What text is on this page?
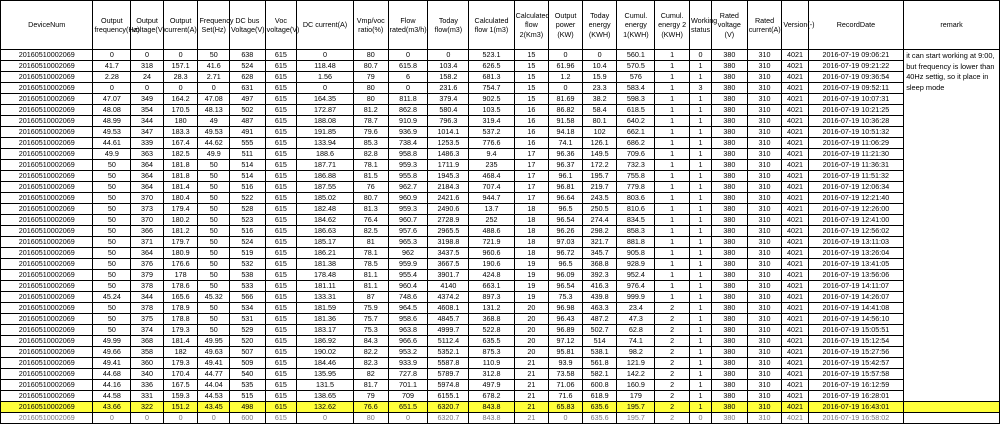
DeviceNum	Output frequency(Hz)	Output voltage(V)	Output current(A)	Frequency Set(Hz)	DC bus Voltage(V)	Voc voltage(V)	DC current(A)	Vmp/voc ratio(%)	Flow rated(m3/h)	Today flow(m3)	Calculated flow 1(m3)	Calculated flow 2(Km3)	Output power (KW)	Today energy (KWH)	Cumul. energy 1(KWH)	Cumul. energy 2 (KWH)	Working status	Rated voltage (V)	Rated current(A)	Version(-)	RecordDate	remark
20160510002069	0	0	0	50	638	615	0	80	0	0	523.1	15	0	0	560.1	1	0	380	310	4021	2016-07-19 09:06:21	it can start working at 9:00, but frequency is lower than 40Hz settig, so it place in sleep mode
20160510002069	41.7	318	157.1	41.6	524	615	118.48	80.7	615.8	103.4	626.5	15	61.96	10.4	570.5	1	1	380	310	4021	2016-07-19 09:21:22	
20160510002069	2.28	24	28.3	2.71	628	615	1.56	79	6	158.2	681.3	15	1.2	15.9	576	1	1	380	310	4021	2016-07-19 09:36:54	
20160510002069	0	0	0	0	631	615	0	80	0	231.6	754.7	15	0	23.3	583.4	1	3	380	310	4021	2016-07-19 09:52:11	
20160510002069	47.07	349	164.2	47.08	497	615	164.35	80	811.8	379.4	902.5	15	81.69	38.2	598.3	1	1	380	310	4021	2016-07-19 10:07:31	
20160510002069	48.08	354	170.5	48.13	502	615	172.87	81.2	862.8	580.4	103.5	16	86.82	58.4	618.5	1	1	380	310	4021	2016-07-19 10:21:25	
20160510002069	48.99	344	180	49	487	615	188.08	78.7	910.9	796.3	319.4	16	91.58	80.1	640.2	1	1	380	310	4021	2016-07-19 10:36:28	
20160510002069	49.53	347	183.3	49.53	491	615	191.85	79.6	936.9	1014.1	537.2	16	94.18	102	662.1	1	1	380	310	4021	2016-07-19 10:51:32	
20160510002069	44.61	339	167.4	44.62	555	615	133.94	85.3	738.4	1253.5	776.6	16	74.1	126.1	686.2	1	1	380	310	4021	2016-07-19 11:06:29	
20160510002069	49.9	363	182.5	49.9	511	615	188.6	82.8	958.8	1486.3	9.4	17	96.36	149.5	709.6	1	1	380	310	4021	2016-07-19 11:21:30	
20160510002069	50	364	181.8	50	514	615	187.71	78.1	959.3	1711.9	235	17	96.37	172.2	732.3	1	1	380	310	4021	2016-07-19 11:36:31	
20160510002069	50	364	181.8	50	514	615	186.88	81.5	955.8	1945.3	468.4	17	96.1	195.7	755.8	1	1	380	310	4021	2016-07-19 11:51:32	
20160510002069	50	364	181.4	50	516	615	187.55	76	962.7	2184.3	707.4	17	96.81	219.7	779.8	1	1	380	310	4021	2016-07-19 12:06:34	
20160510002069	50	370	180.4	50	522	615	185.02	80.7	960.9	2421.6	944.7	17	96.64	243.5	803.6	1	1	380	310	4021	2016-07-19 12:21:40	
20160510002069	50	373	179.4	50	528	615	182.48	81.3	959.3	2490.6	13.7	18	96.5	250.5	810.6	1	1	380	310	4021	2016-07-19 12:26:00	
20160510002069	50	370	180.2	50	523	615	184.62	76.4	960.7	2728.9	252	18	96.54	274.4	834.5	1	1	380	310	4021	2016-07-19 12:41:00	
20160510002069	50	366	181.2	50	516	615	186.63	82.5	957.6	2965.5	488.6	18	96.26	298.2	858.3	1	1	380	310	4021	2016-07-19 12:56:02	
20160510002069	50	371	179.7	50	524	615	185.17	81	965.3	3198.8	721.9	18	97.03	321.7	881.8	1	1	380	310	4021	2016-07-19 13:11:03	
20160510002069	50	364	180.9	50	519	615	186.21	78.1	962	3437.5	960.6	18	96.72	345.7	905.8	1	1	380	310	4021	2016-07-19 13:26:04	
20160510002069	50	376	176.6	50	532	615	181.38	78.5	959.9	3667.5	190.6	19	96.5	368.8	928.9	1	1	380	310	4021	2016-07-19 13:41:05	
20160510002069	50	379	178	50	538	615	178.48	81.1	955.4	3901.7	424.8	19	96.09	392.3	952.4	1	1	380	310	4021	2016-07-19 13:56:06	
20160510002069	50	378	178.6	50	533	615	181.11	81.1	960.4	4140	663.1	19	96.54	416.3	976.4	1	1	380	310	4021	2016-07-19 14:11:07	
20160510002069	45.24	344	165.6	45.32	566	615	133.31	87	748.6	4374.2	897.3	19	75.3	439.8	999.9	1	1	380	310	4021	2016-07-19 14:26:07	
20160510002069	50	378	178.9	50	534	615	181.59	75.9	964.5	4608.1	131.2	20	96.98	463.3	23.4	2	1	380	310	4021	2016-07-19 14:41:08	
20160510002069	50	375	178.8	50	531	615	181.36	75.7	958.6	4845.7	368.8	20	96.43	487.2	47.3	2	1	380	310	4021	2016-07-19 14:56:10	
20160510002069	50	374	179.3	50	529	615	183.17	75.3	963.8	4999.7	522.8	20	96.89	502.7	62.8	2	1	380	310	4021	2016-07-19 15:05:51	
20160510002069	49.99	368	181.4	49.95	520	615	186.92	84.3	966.6	5112.4	635.5	20	97.12	514	74.1	2	1	380	310	4021	2016-07-19 15:12:54	
20160510002069	49.66	358	182	49.63	507	615	190.02	82.2	953.2	5352.1	875.3	20	95.81	538.1	98.2	2	1	380	310	4021	2016-07-19 15:27:56	
20160510002069	49.41	360	179.3	49.41	509	615	184.46	82.3	933.9	5587.8	110.9	21	93.9	561.8	121.9	2	1	380	310	4021	2016-07-19 15:42:57	
20160510002069	44.68	340	170.4	44.77	540	615	135.95	82	727.8	5789.7	312.8	21	73.58	582.1	142.2	2	1	380	310	4021	2016-07-19 15:57:58	
20160510002069	44.16	336	167.5	44.04	535	615	131.5	81.7	701.1	5974.8	497.9	21	71.06	600.8	160.9	2	1	380	310	4021	2016-07-19 16:12:59	
20160510002069	44.58	331	159.3	44.53	515	615	138.65	79	709	6155.1	678.2	21	71.6	618.9	179	2	1	380	310	4021	2016-07-19 16:28:01	
20160510002069	43.66	322	151.2	43.45	498	615	132.62	76.6	651.5	6320.7	843.8	21	65.83	635.6	195.7	2	1	380	310	4021	2016-07-19 16:43:01	
20160510002069	0	0	0	0	600	615	0	80	0	6320.7	843.8	21	0	635.6	195.7	2	0	380	310	4021	2016-07-19 16:58:02	
